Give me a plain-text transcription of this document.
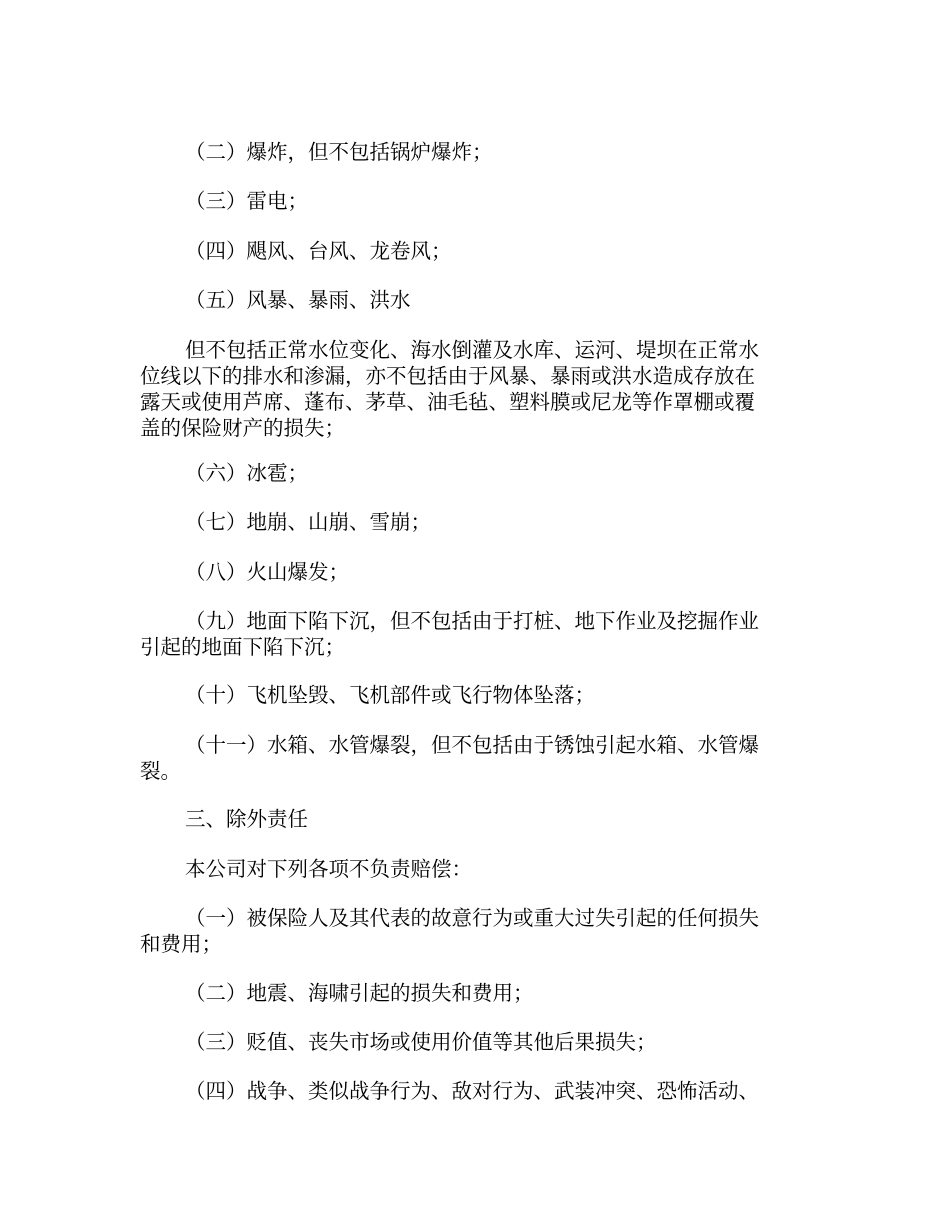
（二）爆炸，但不包括锅炉爆炸；

（三）雷电；

（四）飓风、台风、龙卷风；

（五）风暴、暴雨、洪水

但不包括正常水位变化、海水倒灌及水库、运河、堤坝在正常水
位线以下的排水和渗漏，亦不包括由于风暴、暴雨或洪水造成存放在
露天或使用芦席、蓬布、茅草、油毛毡、塑料膜或尼龙等作罩棚或覆
盖的保险财产的损失；

（六）冰雹；

（七）地崩、山崩、雪崩；

（八）火山爆发；

（九）地面下陷下沉，但不包括由于打桩、地下作业及挖掘作业
引起的地面下陷下沉；

（十）飞机坠毁、飞机部件或飞行物体坠落；

（十一）水箱、水管爆裂，但不包括由于锈蚀引起水箱、水管爆
裂。

三、除外责任

本公司对下列各项不负责赔偿：

（一）被保险人及其代表的故意行为或重大过失引起的任何损失
和费用；

（二）地震、海啸引起的损失和费用；

（三）贬值、丧失市场或使用价值等其他后果损失；

（四）战争、类似战争行为、敌对行为、武装冲突、恐怖活动、
